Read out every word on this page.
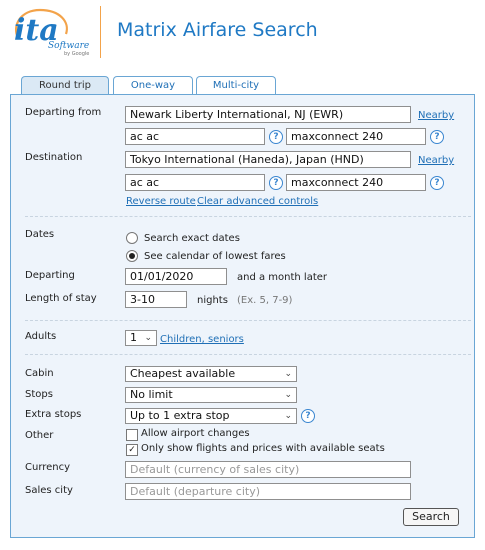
ita
Software
by Google
Matrix Airfare Search
Round trip	One-way	Multi-city
Departing from	Newark Liberty International, NJ (EWR)	Nearby
ac ac	?	maxconnect 240	?
Destination	Tokyo International (Haneda), Japan (HND)	Nearby
ac ac	?	maxconnect 240	?
Reverse route Clear advanced controls
Dates	Search exact dates
See calendar of lowest fares
Departing	01/01/2020	and a month later
Length of stay	3-10	nights (Ex. 5, 7-9)
Adults	1 ⌄ Children, seniors
Cabin	Cheapest available	⌄
Stops	No limit	⌄
Extra stops	Up to 1 extra stop	⌄	?
Other	Allow airport changes
✓ Only show flights and prices with available seats
Currency	Default (currency of sales city)
Sales city	Default (departure city)
Search
